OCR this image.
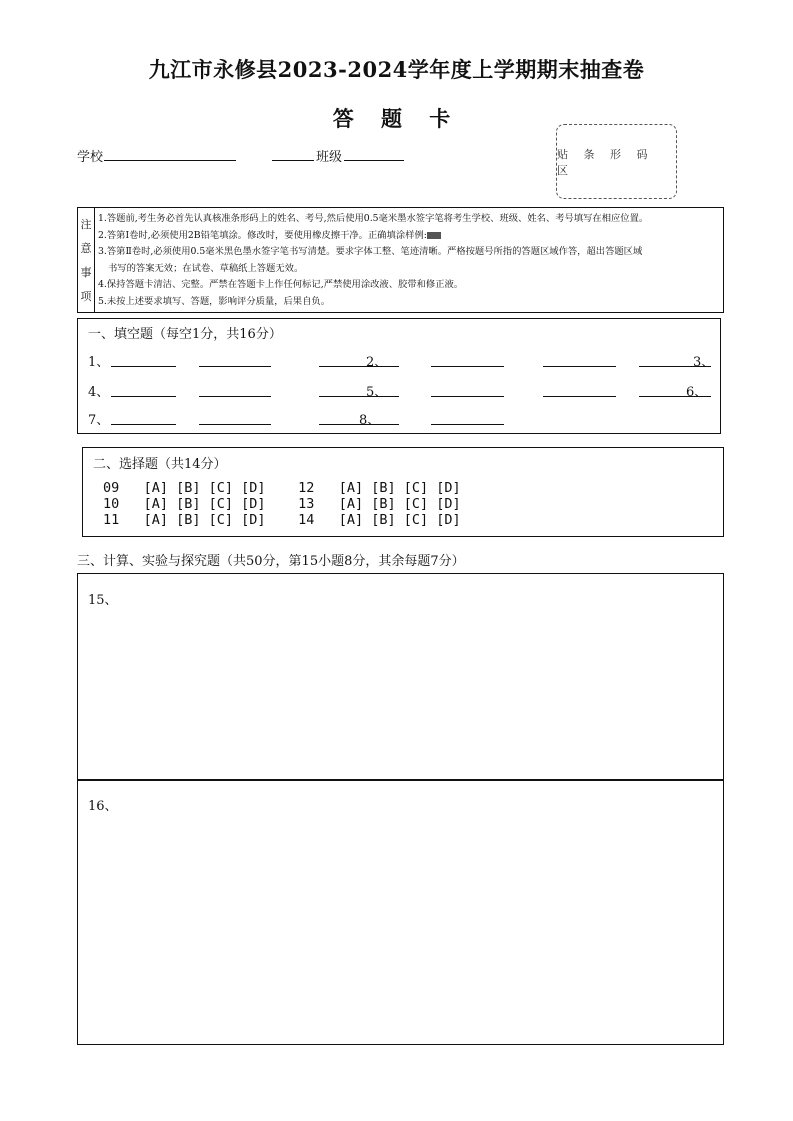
九江市永修县2023-2024学年度上学期期末抽查卷
答 题 卡
学校	班级	贴 条 形 码 区
注
意
事
项
1.答题前,考生务必首先认真核准条形码上的姓名、考号,然后使用0.5毫米墨水签字笔将考生学校、班级、姓名、考号填写在相应位置。
2.答第Ⅰ卷时,必须使用2B铅笔填涂。修改时，要使用橡皮擦干净。正确填涂样例:
3.答第Ⅱ卷时,必须使用0.5毫米黑色墨水签字笔书写清楚。要求字体工整、笔迹清晰。严格按题号所指的答题区域作答，超出答题区域
书写的答案无效；在试卷、草稿纸上答题无效。
4.保持答题卡清洁、完整。严禁在答题卡上作任何标记,严禁使用涂改液、胶带和修正液。
5.未按上述要求填写、答题，影响评分质量，后果自负。
一、填空题（每空1分，共16分）
1、	2、	3、
4、	5、	6、
7、	8、
二、选择题（共14分）
09   [A] [B] [C] [D]    12   [A] [B] [C] [D]
10   [A] [B] [C] [D]    13   [A] [B] [C] [D]
11   [A] [B] [C] [D]    14   [A] [B] [C] [D]
三、计算、实验与探究题（共50分，第15小题8分，其余每题7分）
15、
16、
